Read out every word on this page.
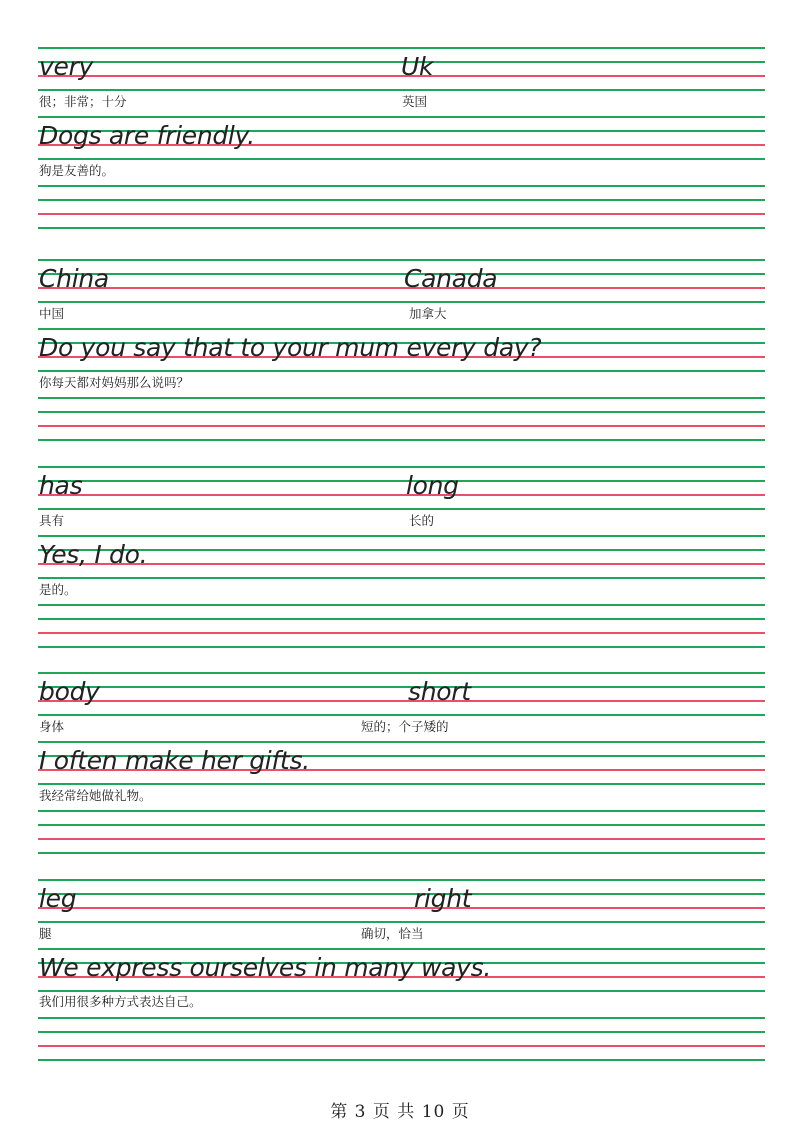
very	Uk

很；非常；十分	英国

Dogs are friendly.

狗是友善的。

China	Canada

中国	加拿大

Do you say that to your mum every day?

你每天都对妈妈那么说吗？

has	long

具有	长的

Yes, I do.

是的。

body	short

身体	短的；个子矮的

I often make her gifts.

我经常给她做礼物。

leg	right

腿	确切，恰当

We express ourselves in many ways.

我们用很多种方式表达自己。

第 3 页 共 10 页
